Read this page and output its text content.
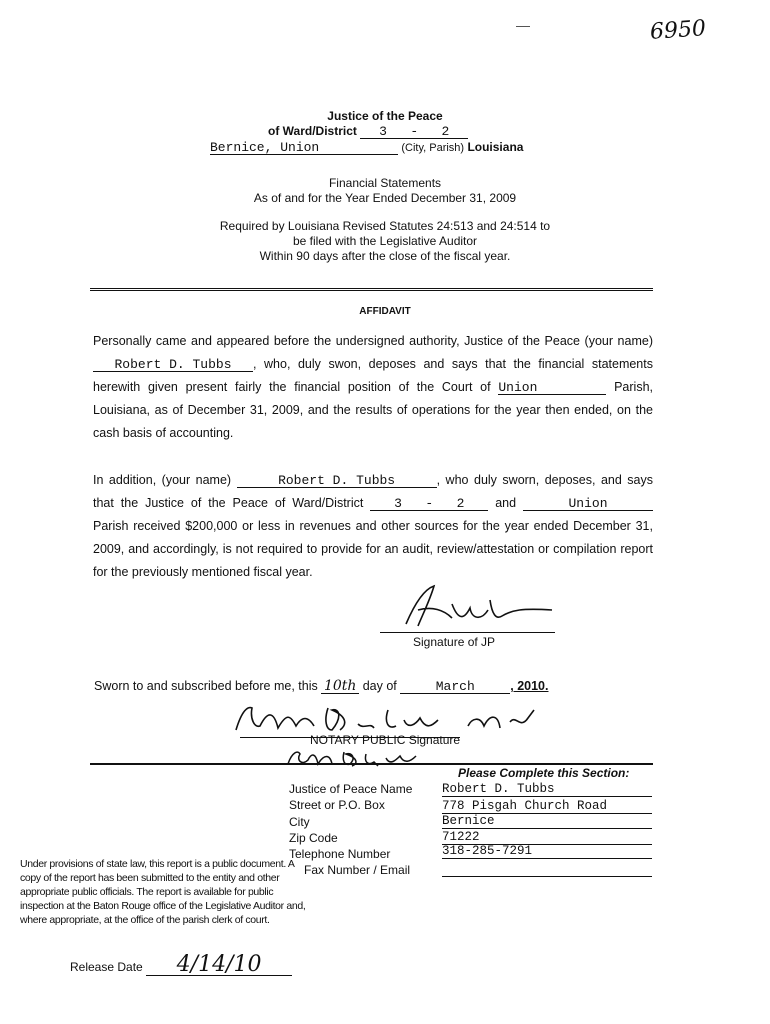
6950
Justice of the Peace
of Ward/District 3   -   2
Bernice, Union	(City, Parish) Louisiana
Financial Statements
As of and for the Year Ended December 31, 2009
Required by Louisiana Revised Statutes 24:513 and 24:514 to
be filed with the Legislative Auditor
Within 90 days after the close of the fiscal year.
AFFIDAVIT
Personally came and appeared before the undersigned authority, Justice of the Peace (your name) Robert D. Tubbs , who, duly swon, deposes and says that the financial statements herewith given present fairly the financial position of the Court of Union	Parish, Louisiana, as of December 31, 2009, and the results of operations for the year then ended, on the cash basis of accounting.
In addition, (your name)	Robert D. Tubbs	, who duly sworn, deposes, and says that the Justice of the Peace of Ward/District 3   -   2 and	Union Parish received $200,000 or less in revenues and other sources for the year ended December 31, 2009, and accordingly, is not required to provide for an audit, review/attestation or compilation report for the previously mentioned fiscal year.
Signature of JP
Sworn to and subscribed before me, this 10th day of	March	, 2010.
NOTARY PUBLIC Signature
Please Complete this Section:
Justice of Peace Name Robert D. Tubbs
Street or P.O. Box	778 Pisgah Church Road
City	Bernice
Zip Code	71222
Telephone Number	318-285-7291
Fax Number / Email
Under provisions of state law, this report is a public document. A copy of the report has been submitted to the entity and other appropriate public officials. The report is available for public inspection at the Baton Rouge office of the Legislative Auditor and, where appropriate, at the office of the parish clerk of court.
Release Date 4/14/10
